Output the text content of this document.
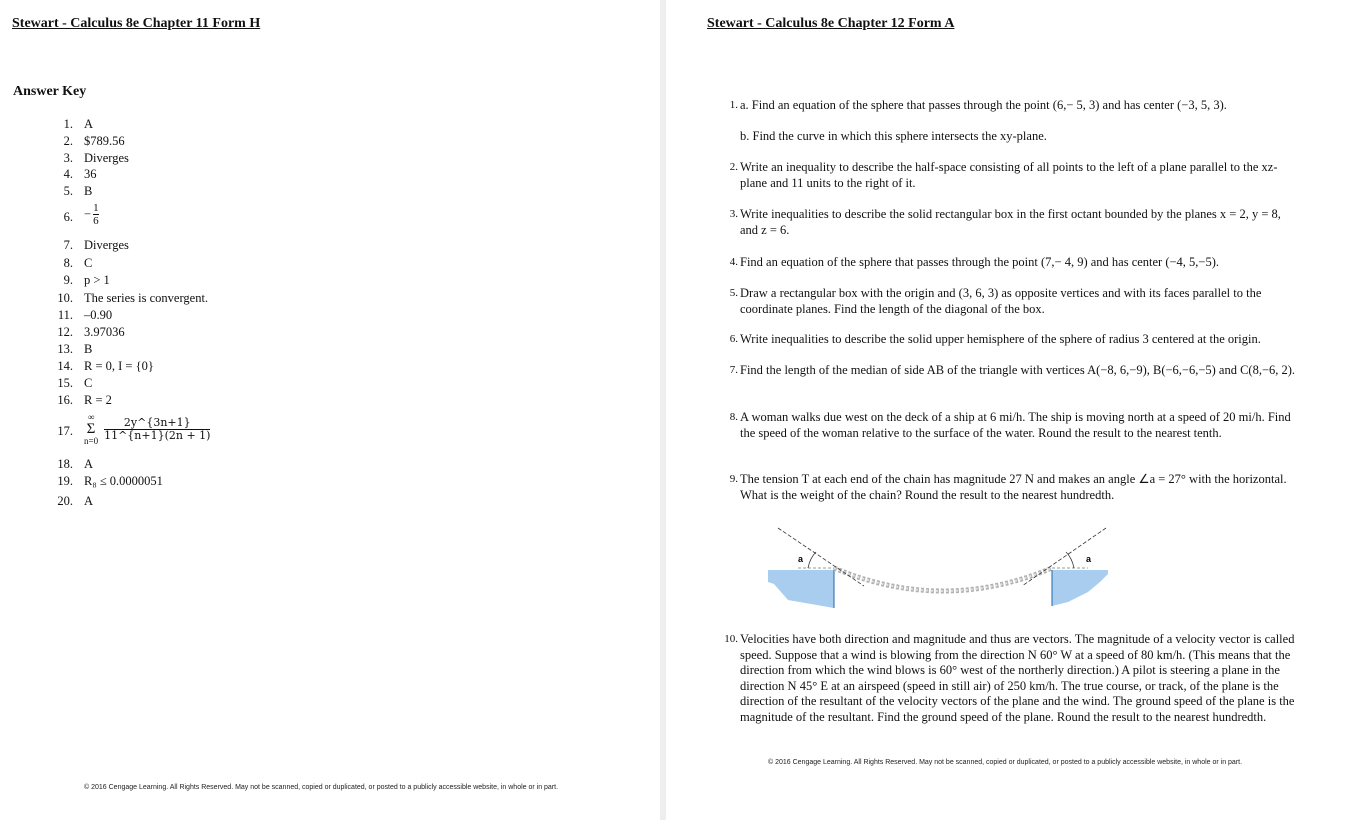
Stewart - Calculus 8e Chapter 11 Form H
Answer Key
1. A
2. $789.56
3. Diverges
4. 36
5. B
6. − $\frac{1}{6}$
7. Diverges
8. C
9. p > 1
10. The series is convergent.
11. –0.90
12. 3.97036
13. B
14. R = 0, I = {0}
15. C
16. R = 2
17.
∞
Σ
$n=0 \frac{2y\^{}\{3n+1\}}{11\^{}\{n+1\}(2n + 1)}$
18. A
19. R₈ ≤ 0.0000051
20. A
© 2016 Cengage Learning. All Rights Reserved. May not be scanned, copied or duplicated, or posted to a publicly accessible website, in whole or in part.
Stewart - Calculus 8e Chapter 12 Form A
1. a. Find an equation of the sphere that passes through the point (6,− 5, 3) and has center (−3, 5, 3).
b. Find the curve in which this sphere intersects the xy-plane.
2. Write an inequality to describe the half-space consisting of all points to the left of a plane parallel to the xz-plane and 11 units to the right of it.
3. Write inequalities to describe the solid rectangular box in the first octant bounded by the planes x = 2, y = 8, and z = 6.
4. Find an equation of the sphere that passes through the point (7,− 4, 9) and has center (−4, 5,−5).
5. Draw a rectangular box with the origin and (3, 6, 3) as opposite vertices and with its faces parallel to the coordinate planes. Find the length of the diagonal of the box.
6. Write inequalities to describe the solid upper hemisphere of the sphere of radius 3 centered at the origin.
7. Find the length of the median of side AB of the triangle with vertices A(−8, 6,−9), B(−6,−6,−5) and C(8,−6, 2).
8. A woman walks due west on the deck of a ship at 6 mi/h. The ship is moving north at a speed of 20 mi/h. Find the speed of the woman relative to the surface of the water. Round the result to the nearest tenth.
9. The tension T at each end of the chain has magnitude 27 N and makes an angle ∠a = 27° with the horizontal. What is the weight of the chain? Round the result to the nearest hundredth.
10. Velocities have both direction and magnitude and thus are vectors. The magnitude of a velocity vector is called speed. Suppose that a wind is blowing from the direction N 60° W at a speed of 80 km/h. (This means that the direction from which the wind blows is 60° west of the northerly direction.) A pilot is steering a plane in the direction N 45° E at an airspeed (speed in still air) of 250 km/h. The true course, or track, of the plane is the direction of the resultant of the velocity vectors of the plane and the wind. The ground speed of the plane is the magnitude of the resultant. Find the ground speed of the plane. Round the result to the nearest hundredth.
a	a
© 2016 Cengage Learning. All Rights Reserved. May not be scanned, copied or duplicated, or posted to a publicly accessible website, in whole or in part.
